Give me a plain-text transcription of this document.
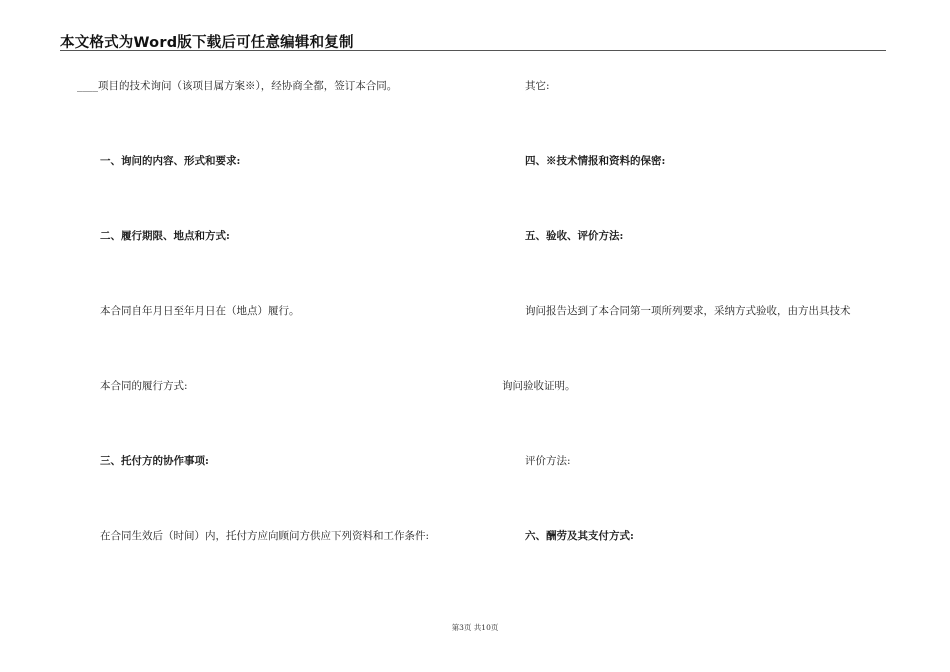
本文格式为Word版下载后可任意编辑和复制
____项目的技术询问（该项目属方案※），经协商全都，签订本合同。
一、询问的内容、形式和要求:
二、履行期限、地点和方式:
本合同自年月日至年月日在（地点）履行。
本合同的履行方式:
三、托付方的协作事项:
在合同生效后（时间）内，托付方应向顾问方供应下列资料和工作条件:
其它:
四、※技术情报和资料的保密:
五、验收、评价方法:
询问报告达到了本合同第一项所列要求，采纳方式验收，由方出具技术
询问验收证明。
评价方法:
六、酬劳及其支付方式:
第3页 共10页
